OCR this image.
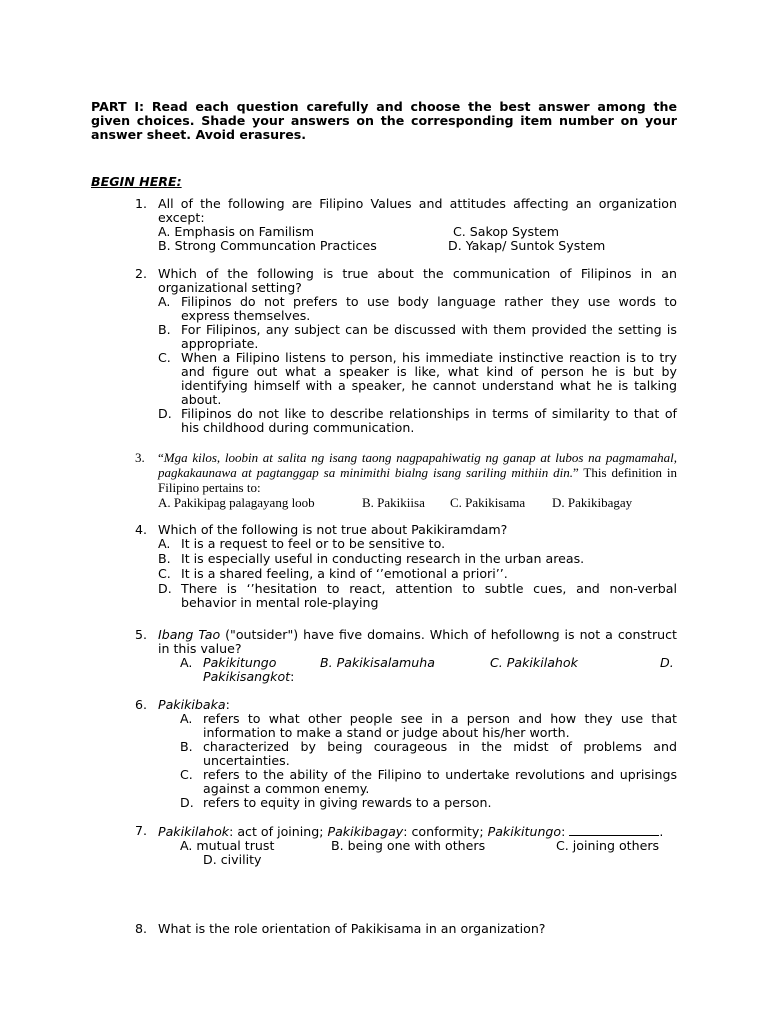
PART I: Read each question carefully and choose the best answer among the given choices. Shade your answers on the corresponding item number on your answer sheet. Avoid erasures.
BEGIN HERE:
1. All of the following are Filipino Values and attitudes affecting an organization except:
A. Emphasis on Familism	C. Sakop System
B. Strong Communcation Practices	D. Yakap/ Suntok System
2. Which of the following is true about the communication of Filipinos in an organizational setting?
A. Filipinos do not prefers to use body language rather they use words to express themselves.
B. For Filipinos, any subject can be discussed with them provided the setting is appropriate.
C. When a Filipino listens to person, his immediate instinctive reaction is to try and figure out what a speaker is like, what kind of person he is but by identifying himself with a speaker, he cannot understand what he is talking about.
D. Filipinos do not like to describe relationships in terms of similarity to that of his childhood during communication.
3. “Mga kilos, loobin at salita ng isang taong nagpapahiwatig ng ganap at lubos na pagmamahal, pagkakaunawa at pagtanggap sa minimithi bialng isang sariling mithiin din.” This definition in Filipino pertains to:
A. Pakikipag palagayang loob	B. Pakikiisa C. Pakikisama D. Pakikibagay
4. Which of the following is not true about Pakikiramdam?
A. It is a request to feel or to be sensitive to.
B. It is especially useful in conducting research in the urban areas.
C. It is a shared feeling, a kind of ‘’emotional a priori’’.
D. There is ‘’hesitation to react, attention to subtle cues, and non-verbal behavior in mental role-playing
5. Ibang Tao ("outsider") have five domains. Which of hefollowng is not a construct in this value?
A. Pakikitungo	B. Pakikisalamuha	C. Pakikilahok	D.
Pakikisangkot :
6. Pakikibaka:
A. refers to what other people see in a person and how they use that information to make a stand or judge about his/her worth.
B. characterized by being courageous in the midst of problems and uncertainties.
C. refers to the ability of the Filipino to undertake revolutions and uprisings against a common enemy.
D. refers to equity in giving rewards to a person.
7. Pakikilahok: act of joining; Pakikibagay: conformity; Pakikitungo:	.
A. mutual trust	B. being one with others	C. joining others
D. civility
8. What is the role orientation of Pakikisama in an organization?
